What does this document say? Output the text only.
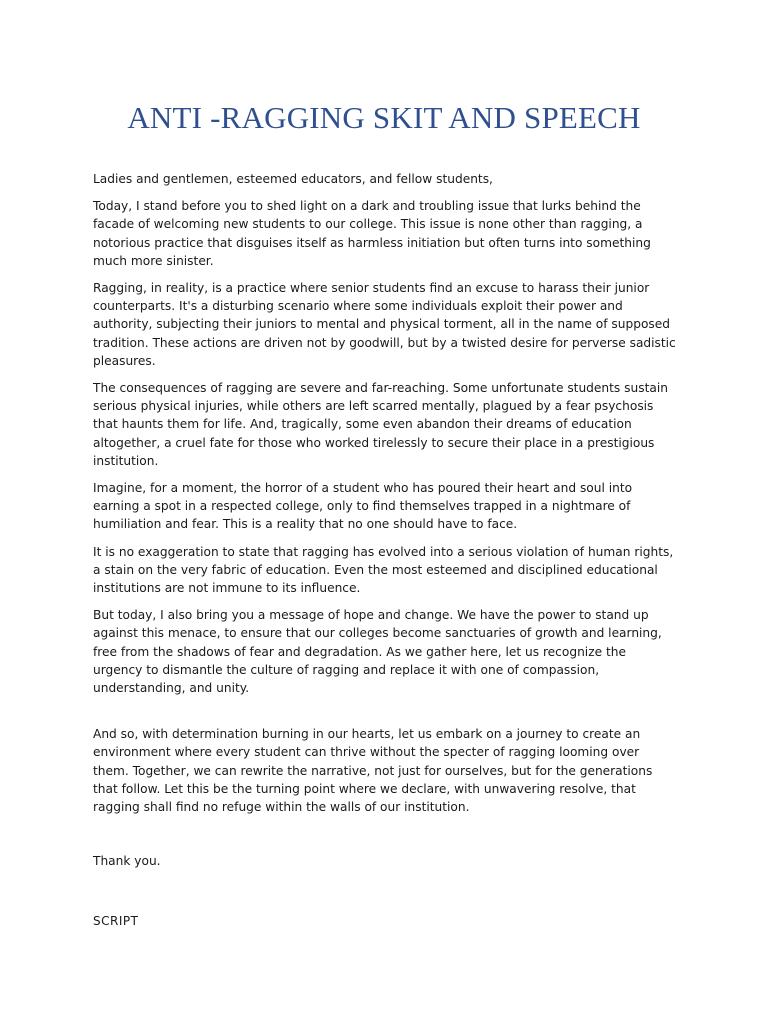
ANTI -RAGGING SKIT AND SPEECH

Ladies and gentlemen, esteemed educators, and fellow students,

Today, I stand before you to shed light on a dark and troubling issue that lurks behind the facade of welcoming new students to our college. This issue is none other than ragging, a notorious practice that disguises itself as harmless initiation but often turns into something much more sinister.

Ragging, in reality, is a practice where senior students find an excuse to harass their junior counterparts. It's a disturbing scenario where some individuals exploit their power and authority, subjecting their juniors to mental and physical torment, all in the name of supposed tradition. These actions are driven not by goodwill, but by a twisted desire for perverse sadistic pleasures.

The consequences of ragging are severe and far-reaching. Some unfortunate students sustain serious physical injuries, while others are left scarred mentally, plagued by a fear psychosis that haunts them for life. And, tragically, some even abandon their dreams of education altogether, a cruel fate for those who worked tirelessly to secure their place in a prestigious institution.

Imagine, for a moment, the horror of a student who has poured their heart and soul into earning a spot in a respected college, only to find themselves trapped in a nightmare of humiliation and fear. This is a reality that no one should have to face.

It is no exaggeration to state that ragging has evolved into a serious violation of human rights, a stain on the very fabric of education. Even the most esteemed and disciplined educational institutions are not immune to its influence.

But today, I also bring you a message of hope and change. We have the power to stand up against this menace, to ensure that our colleges become sanctuaries of growth and learning, free from the shadows of fear and degradation. As we gather here, let us recognize the urgency to dismantle the culture of ragging and replace it with one of compassion, understanding, and unity.

And so, with determination burning in our hearts, let us embark on a journey to create an environment where every student can thrive without the specter of ragging looming over them. Together, we can rewrite the narrative, not just for ourselves, but for the generations that follow. Let this be the turning point where we declare, with unwavering resolve, that ragging shall find no refuge within the walls of our institution.

Thank you.

SCRIPT
